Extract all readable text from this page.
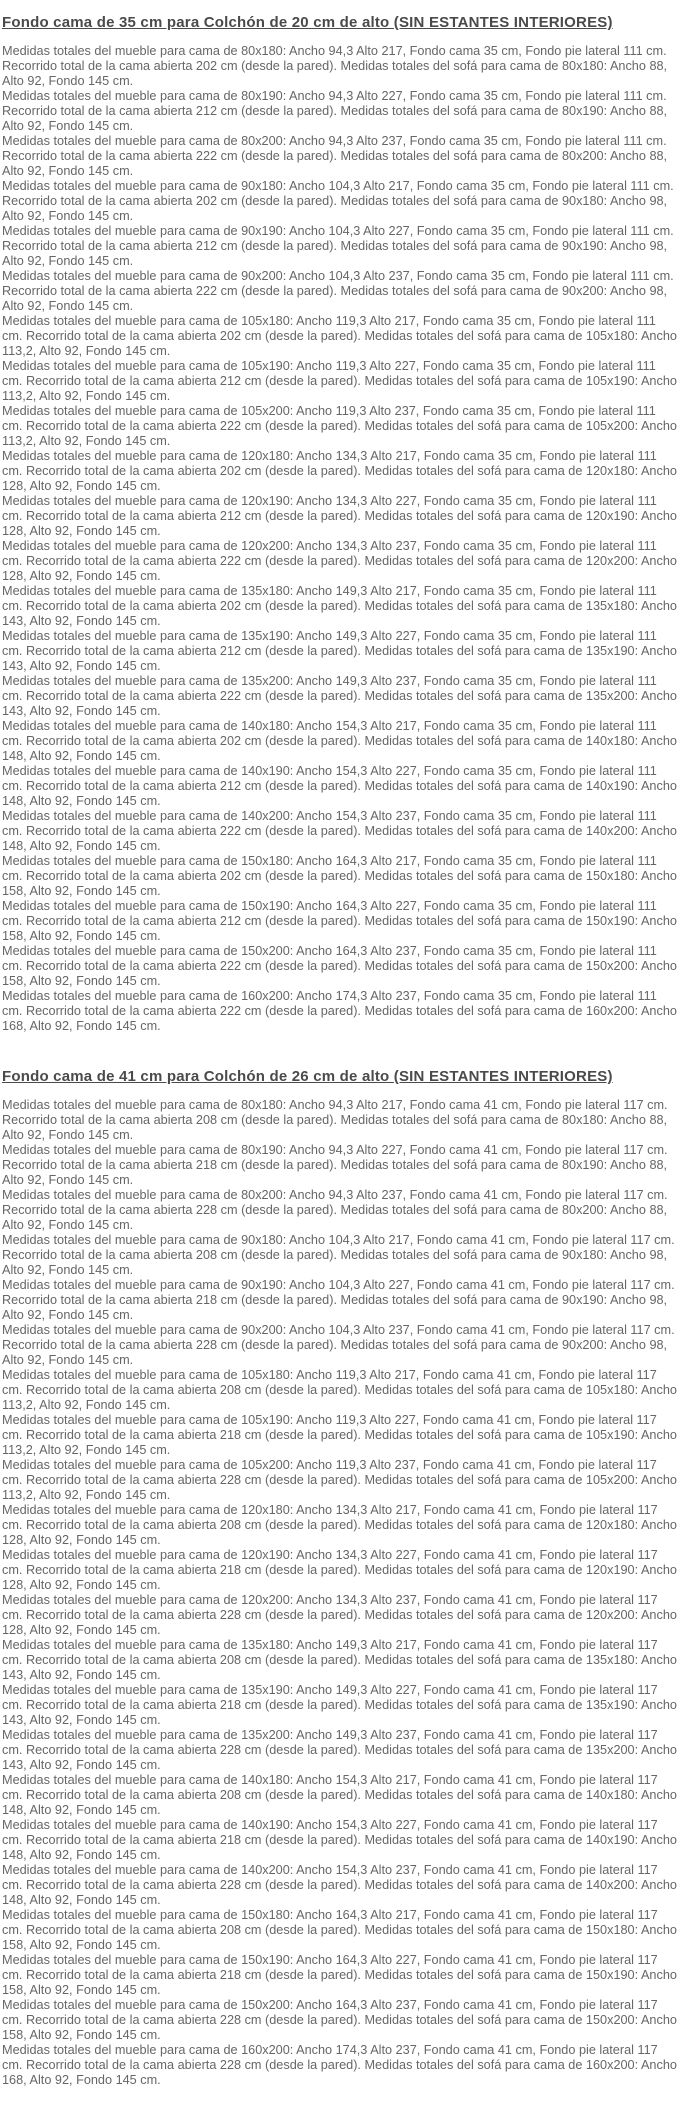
Fondo cama de 35 cm para Colchón de 20 cm de alto (SIN ESTANTES INTERIORES)

Medidas totales del mueble para cama de 80x180: Ancho 94,3 Alto 217, Fondo cama 35 cm, Fondo pie lateral 111 cm. Recorrido total de la cama abierta 202 cm (desde la pared). Medidas totales del sofá para cama de 80x180: Ancho 88, Alto 92, Fondo 145 cm.

Medidas totales del mueble para cama de 80x190: Ancho 94,3 Alto 227, Fondo cama 35 cm, Fondo pie lateral 111 cm. Recorrido total de la cama abierta 212 cm (desde la pared). Medidas totales del sofá para cama de 80x190: Ancho 88, Alto 92, Fondo 145 cm.

Medidas totales del mueble para cama de 80x200: Ancho 94,3 Alto 237, Fondo cama 35 cm, Fondo pie lateral 111 cm. Recorrido total de la cama abierta 222 cm (desde la pared). Medidas totales del sofá para cama de 80x200: Ancho 88, Alto 92, Fondo 145 cm.

Medidas totales del mueble para cama de 90x180: Ancho 104,3 Alto 217, Fondo cama 35 cm, Fondo pie lateral 111 cm. Recorrido total de la cama abierta 202 cm (desde la pared). Medidas totales del sofá para cama de 90x180: Ancho 98, Alto 92, Fondo 145 cm.

Medidas totales del mueble para cama de 90x190: Ancho 104,3 Alto 227, Fondo cama 35 cm, Fondo pie lateral 111 cm. Recorrido total de la cama abierta 212 cm (desde la pared). Medidas totales del sofá para cama de 90x190: Ancho 98, Alto 92, Fondo 145 cm.

Medidas totales del mueble para cama de 90x200: Ancho 104,3 Alto 237, Fondo cama 35 cm, Fondo pie lateral 111 cm. Recorrido total de la cama abierta 222 cm (desde la pared). Medidas totales del sofá para cama de 90x200: Ancho 98, Alto 92, Fondo 145 cm.

Medidas totales del mueble para cama de 105x180: Ancho 119,3 Alto 217, Fondo cama 35 cm, Fondo pie lateral 111 cm. Recorrido total de la cama abierta 202 cm (desde la pared). Medidas totales del sofá para cama de 105x180: Ancho 113,2, Alto 92, Fondo 145 cm.

Medidas totales del mueble para cama de 105x190: Ancho 119,3 Alto 227, Fondo cama 35 cm, Fondo pie lateral 111 cm. Recorrido total de la cama abierta 212 cm (desde la pared). Medidas totales del sofá para cama de 105x190: Ancho 113,2, Alto 92, Fondo 145 cm.

Medidas totales del mueble para cama de 105x200: Ancho 119,3 Alto 237, Fondo cama 35 cm, Fondo pie lateral 111 cm. Recorrido total de la cama abierta 222 cm (desde la pared). Medidas totales del sofá para cama de 105x200: Ancho 113,2, Alto 92, Fondo 145 cm.

Medidas totales del mueble para cama de 120x180: Ancho 134,3 Alto 217, Fondo cama 35 cm, Fondo pie lateral 111 cm. Recorrido total de la cama abierta 202 cm (desde la pared). Medidas totales del sofá para cama de 120x180: Ancho 128, Alto 92, Fondo 145 cm.

Medidas totales del mueble para cama de 120x190: Ancho 134,3 Alto 227, Fondo cama 35 cm, Fondo pie lateral 111 cm. Recorrido total de la cama abierta 212 cm (desde la pared). Medidas totales del sofá para cama de 120x190: Ancho 128, Alto 92, Fondo 145 cm.

Medidas totales del mueble para cama de 120x200: Ancho 134,3 Alto 237, Fondo cama 35 cm, Fondo pie lateral 111 cm. Recorrido total de la cama abierta 222 cm (desde la pared). Medidas totales del sofá para cama de 120x200: Ancho 128, Alto 92, Fondo 145 cm.

Medidas totales del mueble para cama de 135x180: Ancho 149,3 Alto 217, Fondo cama 35 cm, Fondo pie lateral 111 cm. Recorrido total de la cama abierta 202 cm (desde la pared). Medidas totales del sofá para cama de 135x180: Ancho 143, Alto 92, Fondo 145 cm.

Medidas totales del mueble para cama de 135x190: Ancho 149,3 Alto 227, Fondo cama 35 cm, Fondo pie lateral 111 cm. Recorrido total de la cama abierta 212 cm (desde la pared). Medidas totales del sofá para cama de 135x190: Ancho 143, Alto 92, Fondo 145 cm.

Medidas totales del mueble para cama de 135x200: Ancho 149,3 Alto 237, Fondo cama 35 cm, Fondo pie lateral 111 cm. Recorrido total de la cama abierta 222 cm (desde la pared). Medidas totales del sofá para cama de 135x200: Ancho 143, Alto 92, Fondo 145 cm.

Medidas totales del mueble para cama de 140x180: Ancho 154,3 Alto 217, Fondo cama 35 cm, Fondo pie lateral 111 cm. Recorrido total de la cama abierta 202 cm (desde la pared). Medidas totales del sofá para cama de 140x180: Ancho 148, Alto 92, Fondo 145 cm.

Medidas totales del mueble para cama de 140x190: Ancho 154,3 Alto 227, Fondo cama 35 cm, Fondo pie lateral 111 cm. Recorrido total de la cama abierta 212 cm (desde la pared). Medidas totales del sofá para cama de 140x190: Ancho 148, Alto 92, Fondo 145 cm.

Medidas totales del mueble para cama de 140x200: Ancho 154,3 Alto 237, Fondo cama 35 cm, Fondo pie lateral 111 cm. Recorrido total de la cama abierta 222 cm (desde la pared). Medidas totales del sofá para cama de 140x200: Ancho 148, Alto 92, Fondo 145 cm.

Medidas totales del mueble para cama de 150x180: Ancho 164,3 Alto 217, Fondo cama 35 cm, Fondo pie lateral 111 cm. Recorrido total de la cama abierta 202 cm (desde la pared). Medidas totales del sofá para cama de 150x180: Ancho 158, Alto 92, Fondo 145 cm.

Medidas totales del mueble para cama de 150x190: Ancho 164,3 Alto 227, Fondo cama 35 cm, Fondo pie lateral 111 cm. Recorrido total de la cama abierta 212 cm (desde la pared). Medidas totales del sofá para cama de 150x190: Ancho 158, Alto 92, Fondo 145 cm.

Medidas totales del mueble para cama de 150x200: Ancho 164,3 Alto 237, Fondo cama 35 cm, Fondo pie lateral 111 cm. Recorrido total de la cama abierta 222 cm (desde la pared). Medidas totales del sofá para cama de 150x200: Ancho 158, Alto 92, Fondo 145 cm.

Medidas totales del mueble para cama de 160x200: Ancho 174,3 Alto 237, Fondo cama 35 cm, Fondo pie lateral 111 cm. Recorrido total de la cama abierta 222 cm (desde la pared). Medidas totales del sofá para cama de 160x200: Ancho 168, Alto 92, Fondo 145 cm.

Fondo cama de 41 cm para Colchón de 26 cm de alto (SIN ESTANTES INTERIORES)

Medidas totales del mueble para cama de 80x180: Ancho 94,3 Alto 217, Fondo cama 41 cm, Fondo pie lateral 117 cm. Recorrido total de la cama abierta 208 cm (desde la pared). Medidas totales del sofá para cama de 80x180: Ancho 88, Alto 92, Fondo 145 cm.

Medidas totales del mueble para cama de 80x190: Ancho 94,3 Alto 227, Fondo cama 41 cm, Fondo pie lateral 117 cm. Recorrido total de la cama abierta 218 cm (desde la pared). Medidas totales del sofá para cama de 80x190: Ancho 88, Alto 92, Fondo 145 cm.

Medidas totales del mueble para cama de 80x200: Ancho 94,3 Alto 237, Fondo cama 41 cm, Fondo pie lateral 117 cm. Recorrido total de la cama abierta 228 cm (desde la pared). Medidas totales del sofá para cama de 80x200: Ancho 88, Alto 92, Fondo 145 cm.

Medidas totales del mueble para cama de 90x180: Ancho 104,3 Alto 217, Fondo cama 41 cm, Fondo pie lateral 117 cm. Recorrido total de la cama abierta 208 cm (desde la pared). Medidas totales del sofá para cama de 90x180: Ancho 98, Alto 92, Fondo 145 cm.

Medidas totales del mueble para cama de 90x190: Ancho 104,3 Alto 227, Fondo cama 41 cm, Fondo pie lateral 117 cm. Recorrido total de la cama abierta 218 cm (desde la pared). Medidas totales del sofá para cama de 90x190: Ancho 98, Alto 92, Fondo 145 cm.

Medidas totales del mueble para cama de 90x200: Ancho 104,3 Alto 237, Fondo cama 41 cm, Fondo pie lateral 117 cm. Recorrido total de la cama abierta 228 cm (desde la pared). Medidas totales del sofá para cama de 90x200: Ancho 98, Alto 92, Fondo 145 cm.

Medidas totales del mueble para cama de 105x180: Ancho 119,3 Alto 217, Fondo cama 41 cm, Fondo pie lateral 117 cm. Recorrido total de la cama abierta 208 cm (desde la pared). Medidas totales del sofá para cama de 105x180: Ancho 113,2, Alto 92, Fondo 145 cm.

Medidas totales del mueble para cama de 105x190: Ancho 119,3 Alto 227, Fondo cama 41 cm, Fondo pie lateral 117 cm. Recorrido total de la cama abierta 218 cm (desde la pared). Medidas totales del sofá para cama de 105x190: Ancho 113,2, Alto 92, Fondo 145 cm.

Medidas totales del mueble para cama de 105x200: Ancho 119,3 Alto 237, Fondo cama 41 cm, Fondo pie lateral 117 cm. Recorrido total de la cama abierta 228 cm (desde la pared). Medidas totales del sofá para cama de 105x200: Ancho 113,2, Alto 92, Fondo 145 cm.

Medidas totales del mueble para cama de 120x180: Ancho 134,3 Alto 217, Fondo cama 41 cm, Fondo pie lateral 117 cm. Recorrido total de la cama abierta 208 cm (desde la pared). Medidas totales del sofá para cama de 120x180: Ancho 128, Alto 92, Fondo 145 cm.

Medidas totales del mueble para cama de 120x190: Ancho 134,3 Alto 227, Fondo cama 41 cm, Fondo pie lateral 117 cm. Recorrido total de la cama abierta 218 cm (desde la pared). Medidas totales del sofá para cama de 120x190: Ancho 128, Alto 92, Fondo 145 cm.

Medidas totales del mueble para cama de 120x200: Ancho 134,3 Alto 237, Fondo cama 41 cm, Fondo pie lateral 117 cm. Recorrido total de la cama abierta 228 cm (desde la pared). Medidas totales del sofá para cama de 120x200: Ancho 128, Alto 92, Fondo 145 cm.

Medidas totales del mueble para cama de 135x180: Ancho 149,3 Alto 217, Fondo cama 41 cm, Fondo pie lateral 117 cm. Recorrido total de la cama abierta 208 cm (desde la pared). Medidas totales del sofá para cama de 135x180: Ancho 143, Alto 92, Fondo 145 cm.

Medidas totales del mueble para cama de 135x190: Ancho 149,3 Alto 227, Fondo cama 41 cm, Fondo pie lateral 117 cm. Recorrido total de la cama abierta 218 cm (desde la pared). Medidas totales del sofá para cama de 135x190: Ancho 143, Alto 92, Fondo 145 cm.

Medidas totales del mueble para cama de 135x200: Ancho 149,3 Alto 237, Fondo cama 41 cm, Fondo pie lateral 117 cm. Recorrido total de la cama abierta 228 cm (desde la pared). Medidas totales del sofá para cama de 135x200: Ancho 143, Alto 92, Fondo 145 cm.

Medidas totales del mueble para cama de 140x180: Ancho 154,3 Alto 217, Fondo cama 41 cm, Fondo pie lateral 117 cm. Recorrido total de la cama abierta 208 cm (desde la pared). Medidas totales del sofá para cama de 140x180: Ancho 148, Alto 92, Fondo 145 cm.

Medidas totales del mueble para cama de 140x190: Ancho 154,3 Alto 227, Fondo cama 41 cm, Fondo pie lateral 117 cm. Recorrido total de la cama abierta 218 cm (desde la pared). Medidas totales del sofá para cama de 140x190: Ancho 148, Alto 92, Fondo 145 cm.

Medidas totales del mueble para cama de 140x200: Ancho 154,3 Alto 237, Fondo cama 41 cm, Fondo pie lateral 117 cm. Recorrido total de la cama abierta 228 cm (desde la pared). Medidas totales del sofá para cama de 140x200: Ancho 148, Alto 92, Fondo 145 cm.

Medidas totales del mueble para cama de 150x180: Ancho 164,3 Alto 217, Fondo cama 41 cm, Fondo pie lateral 117 cm. Recorrido total de la cama abierta 208 cm (desde la pared). Medidas totales del sofá para cama de 150x180: Ancho 158, Alto 92, Fondo 145 cm.

Medidas totales del mueble para cama de 150x190: Ancho 164,3 Alto 227, Fondo cama 41 cm, Fondo pie lateral 117 cm. Recorrido total de la cama abierta 218 cm (desde la pared). Medidas totales del sofá para cama de 150x190: Ancho 158, Alto 92, Fondo 145 cm.

Medidas totales del mueble para cama de 150x200: Ancho 164,3 Alto 237, Fondo cama 41 cm, Fondo pie lateral 117 cm. Recorrido total de la cama abierta 228 cm (desde la pared). Medidas totales del sofá para cama de 150x200: Ancho 158, Alto 92, Fondo 145 cm.

Medidas totales del mueble para cama de 160x200: Ancho 174,3 Alto 237, Fondo cama 41 cm, Fondo pie lateral 117 cm. Recorrido total de la cama abierta 228 cm (desde la pared). Medidas totales del sofá para cama de 160x200: Ancho 168, Alto 92, Fondo 145 cm.
